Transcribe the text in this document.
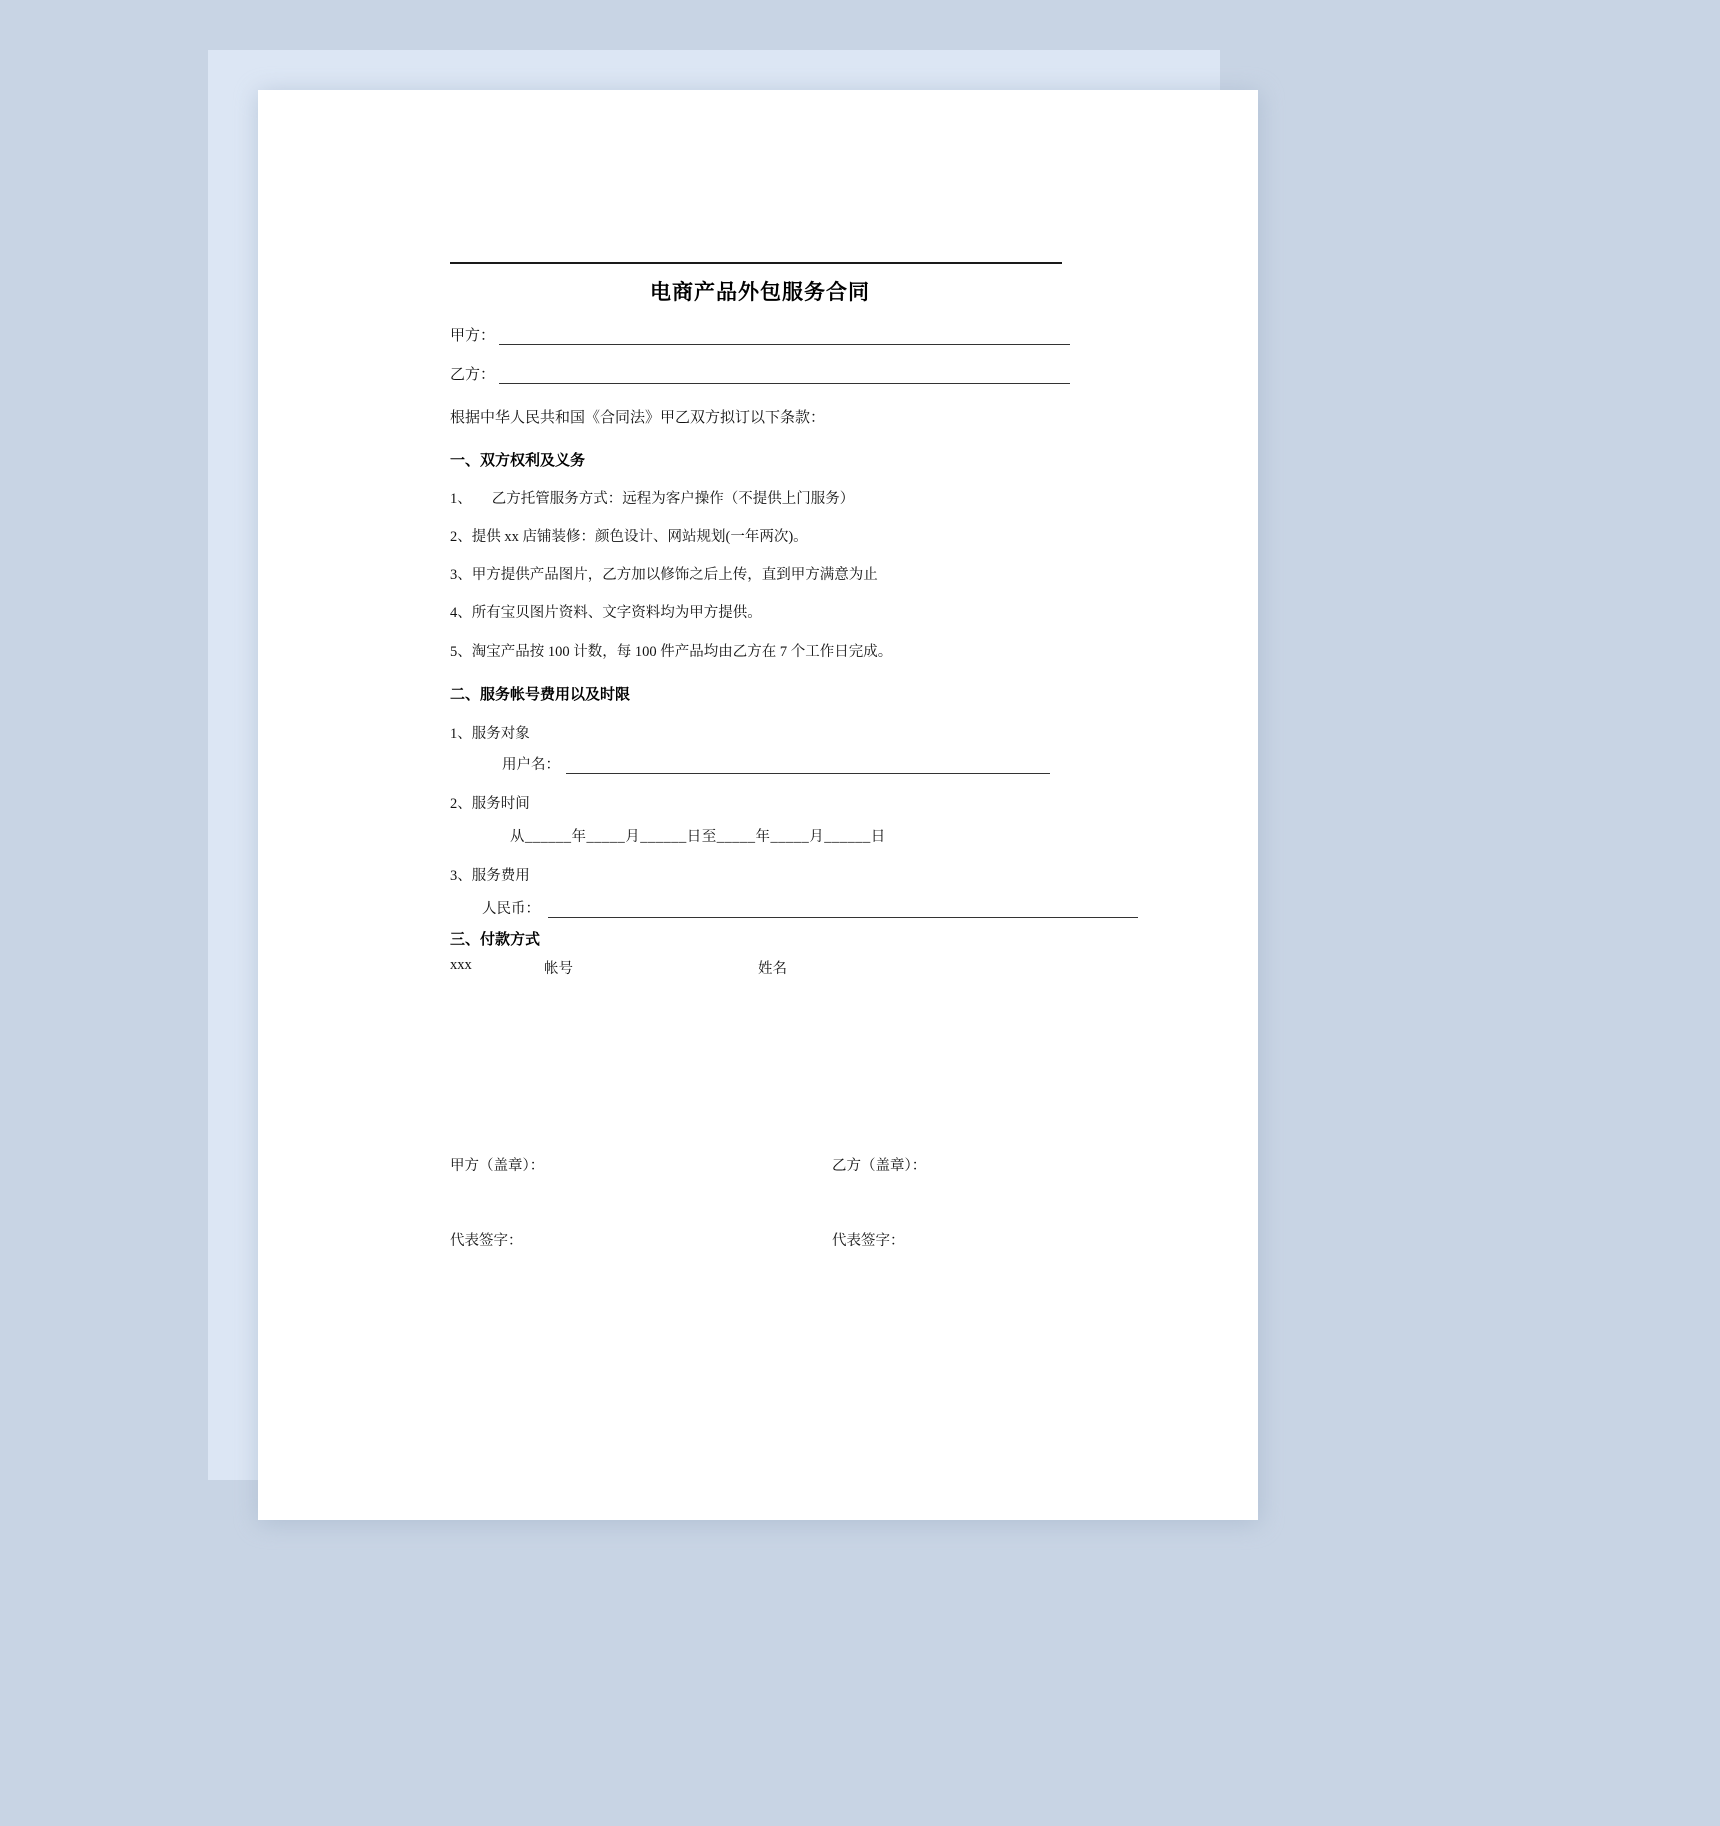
电商产品外包服务合同
甲方：
乙方：
根据中华人民共和国《合同法》甲乙双方拟订以下条款：
一、双方权利及义务
1、 乙方托管服务方式：远程为客户操作（不提供上门服务）
2、提供 xx 店铺装修：颜色设计、网站规划(一年两次)。
3、甲方提供产品图片，乙方加以修饰之后上传，直到甲方满意为止
4、所有宝贝图片资料、文字资料均为甲方提供。
5、淘宝产品按 100 计数，每 100 件产品均由乙方在 7 个工作日完成。
二、服务帐号费用以及时限
1、服务对象
用户名：
2、服务时间
从______年_____月______日至_____年_____月______日
3、服务费用
人民币：
三、付款方式
xxx	帐号	姓名
甲方（盖章）：	乙方（盖章）：
代表签字：	代表签字：
